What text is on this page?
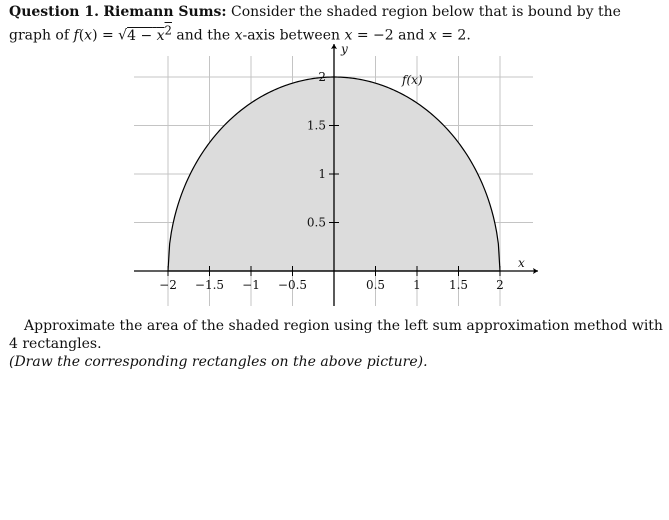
Question 1. Riemann Sums: Consider the shaded region below that is bound by the graph of $f(x) = √4 - x^2$ and the x-axis between x = −2 and x = 2.
−2 −1.5 −1 −0.5	0.5 1 1.5 2
0.5
1
1.5
2
y
x
f(x)
Approximate the area of the shaded region using the left sum approximation method with 4 rectangles.
(Draw the corresponding rectangles on the above picture).
